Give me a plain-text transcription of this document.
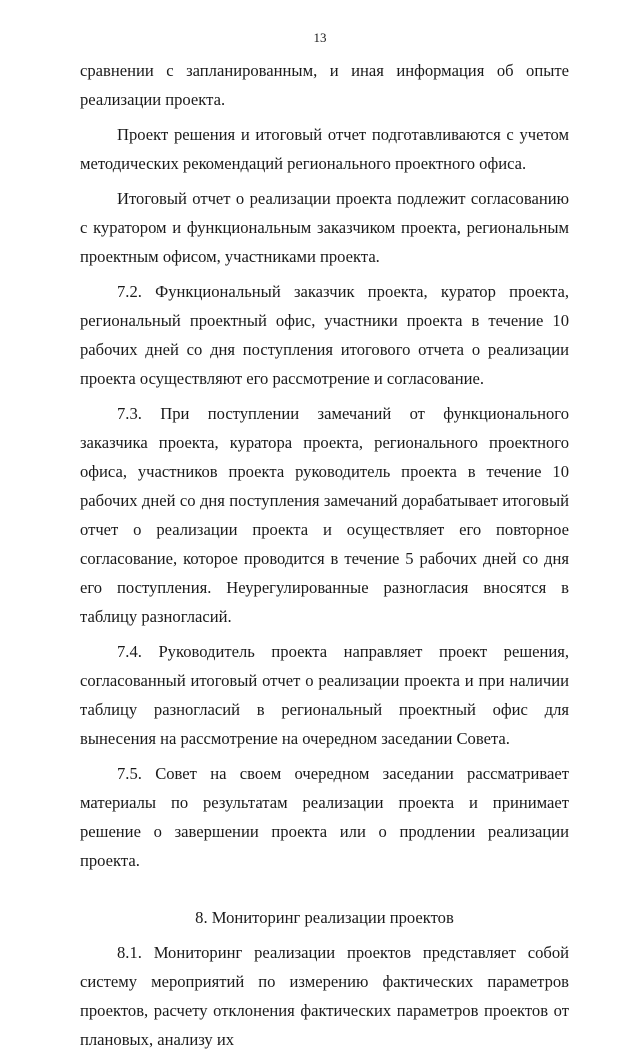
13

сравнении с запланированным, и иная информация об опыте реализации проекта.

Проект решения и итоговый отчет подготавливаются с учетом методических рекомендаций регионального проектного офиса.

Итоговый отчет о реализации проекта подлежит согласованию с куратором и функциональным заказчиком проекта, региональным проектным офисом, участниками проекта.

7.2. Функциональный заказчик проекта, куратор проекта, региональный проектный офис, участники проекта в течение 10 рабочих дней со дня поступления итогового отчета о реализации проекта осуществляют его рассмотрение и согласование.

7.3. При поступлении замечаний от функционального заказчика проекта, куратора проекта, регионального проектного офиса, участников проекта руководитель проекта в течение 10 рабочих дней со дня поступления замечаний дорабатывает итоговый отчет о реализации проекта и осуществляет его повторное согласование, которое проводится в течение 5 рабочих дней со дня его поступления. Неурегулированные разногласия вносятся в таблицу разногласий.

7.4. Руководитель проекта направляет проект решения, согласованный итоговый отчет о реализации проекта и при наличии таблицу разногласий в региональный проектный офис для вынесения на рассмотрение на очередном заседании Совета.

7.5. Совет на своем очередном заседании рассматривает материалы по результатам реализации проекта и принимает решение о завершении проекта или о продлении реализации проекта.

8. Мониторинг реализации проектов

8.1. Мониторинг реализации проектов представляет собой систему мероприятий по измерению фактических параметров проектов, расчету отклонения фактических параметров проектов от плановых, анализу их
